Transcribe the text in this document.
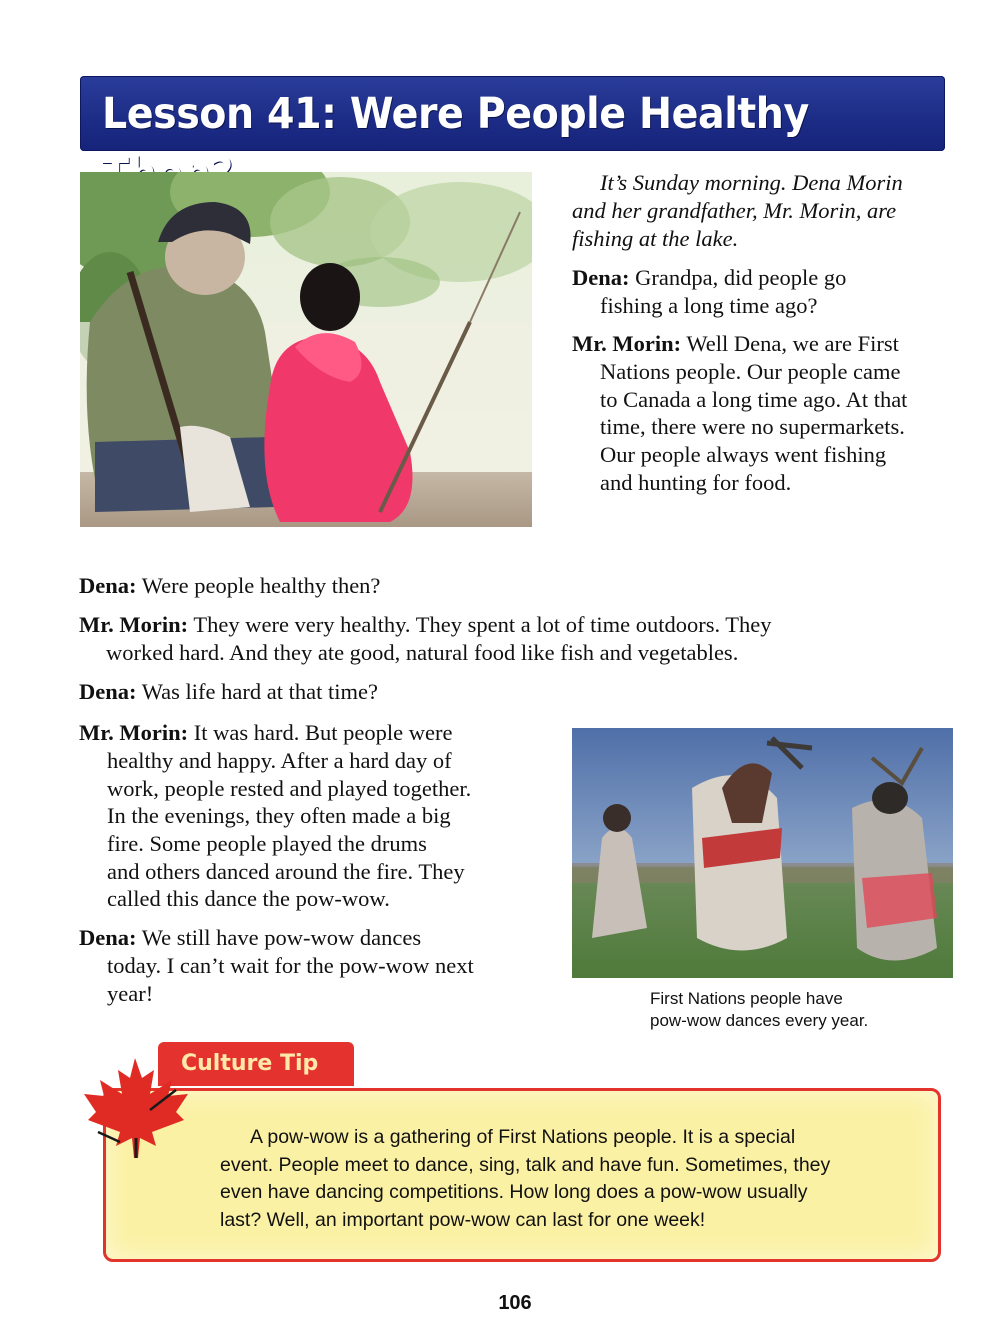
Lesson 41: Were People Healthy
It’s Sunday morning. Dena Morin
and her grandfather, Mr. Morin, are
fishing at the lake.
Dena: Grandpa, did people go
fishing a long time ago?
Mr. Morin: Well Dena, we are First
Nations people. Our people came
to Canada a long time ago. At that
time, there were no supermarkets.
Our people always went fishing
and hunting for food.
Dena: Were people healthy then?
Mr. Morin: They were very healthy. They spent a lot of time outdoors. They
worked hard. And they ate good, natural food like fish and vegetables.
Dena: Was life hard at that time?
Mr. Morin: It was hard. But people were
healthy and happy. After a hard day of
work, people rested and played together.
In the evenings, they often made a big
fire. Some people played the drums
and others danced around the fire. They
called this dance the pow-wow.
Dena: We still have pow-wow dances
today. I can’t wait for the pow-wow next
year!	First Nations people have
pow-wow dances every year.
Culture Tip
A pow-wow is a gathering of First Nations people. It is a special
event. People meet to dance, sing, talk and have fun. Sometimes, they
even have dancing competitions. How long does a pow-wow usually
last? Well, an important pow-wow can last for one week!
106
